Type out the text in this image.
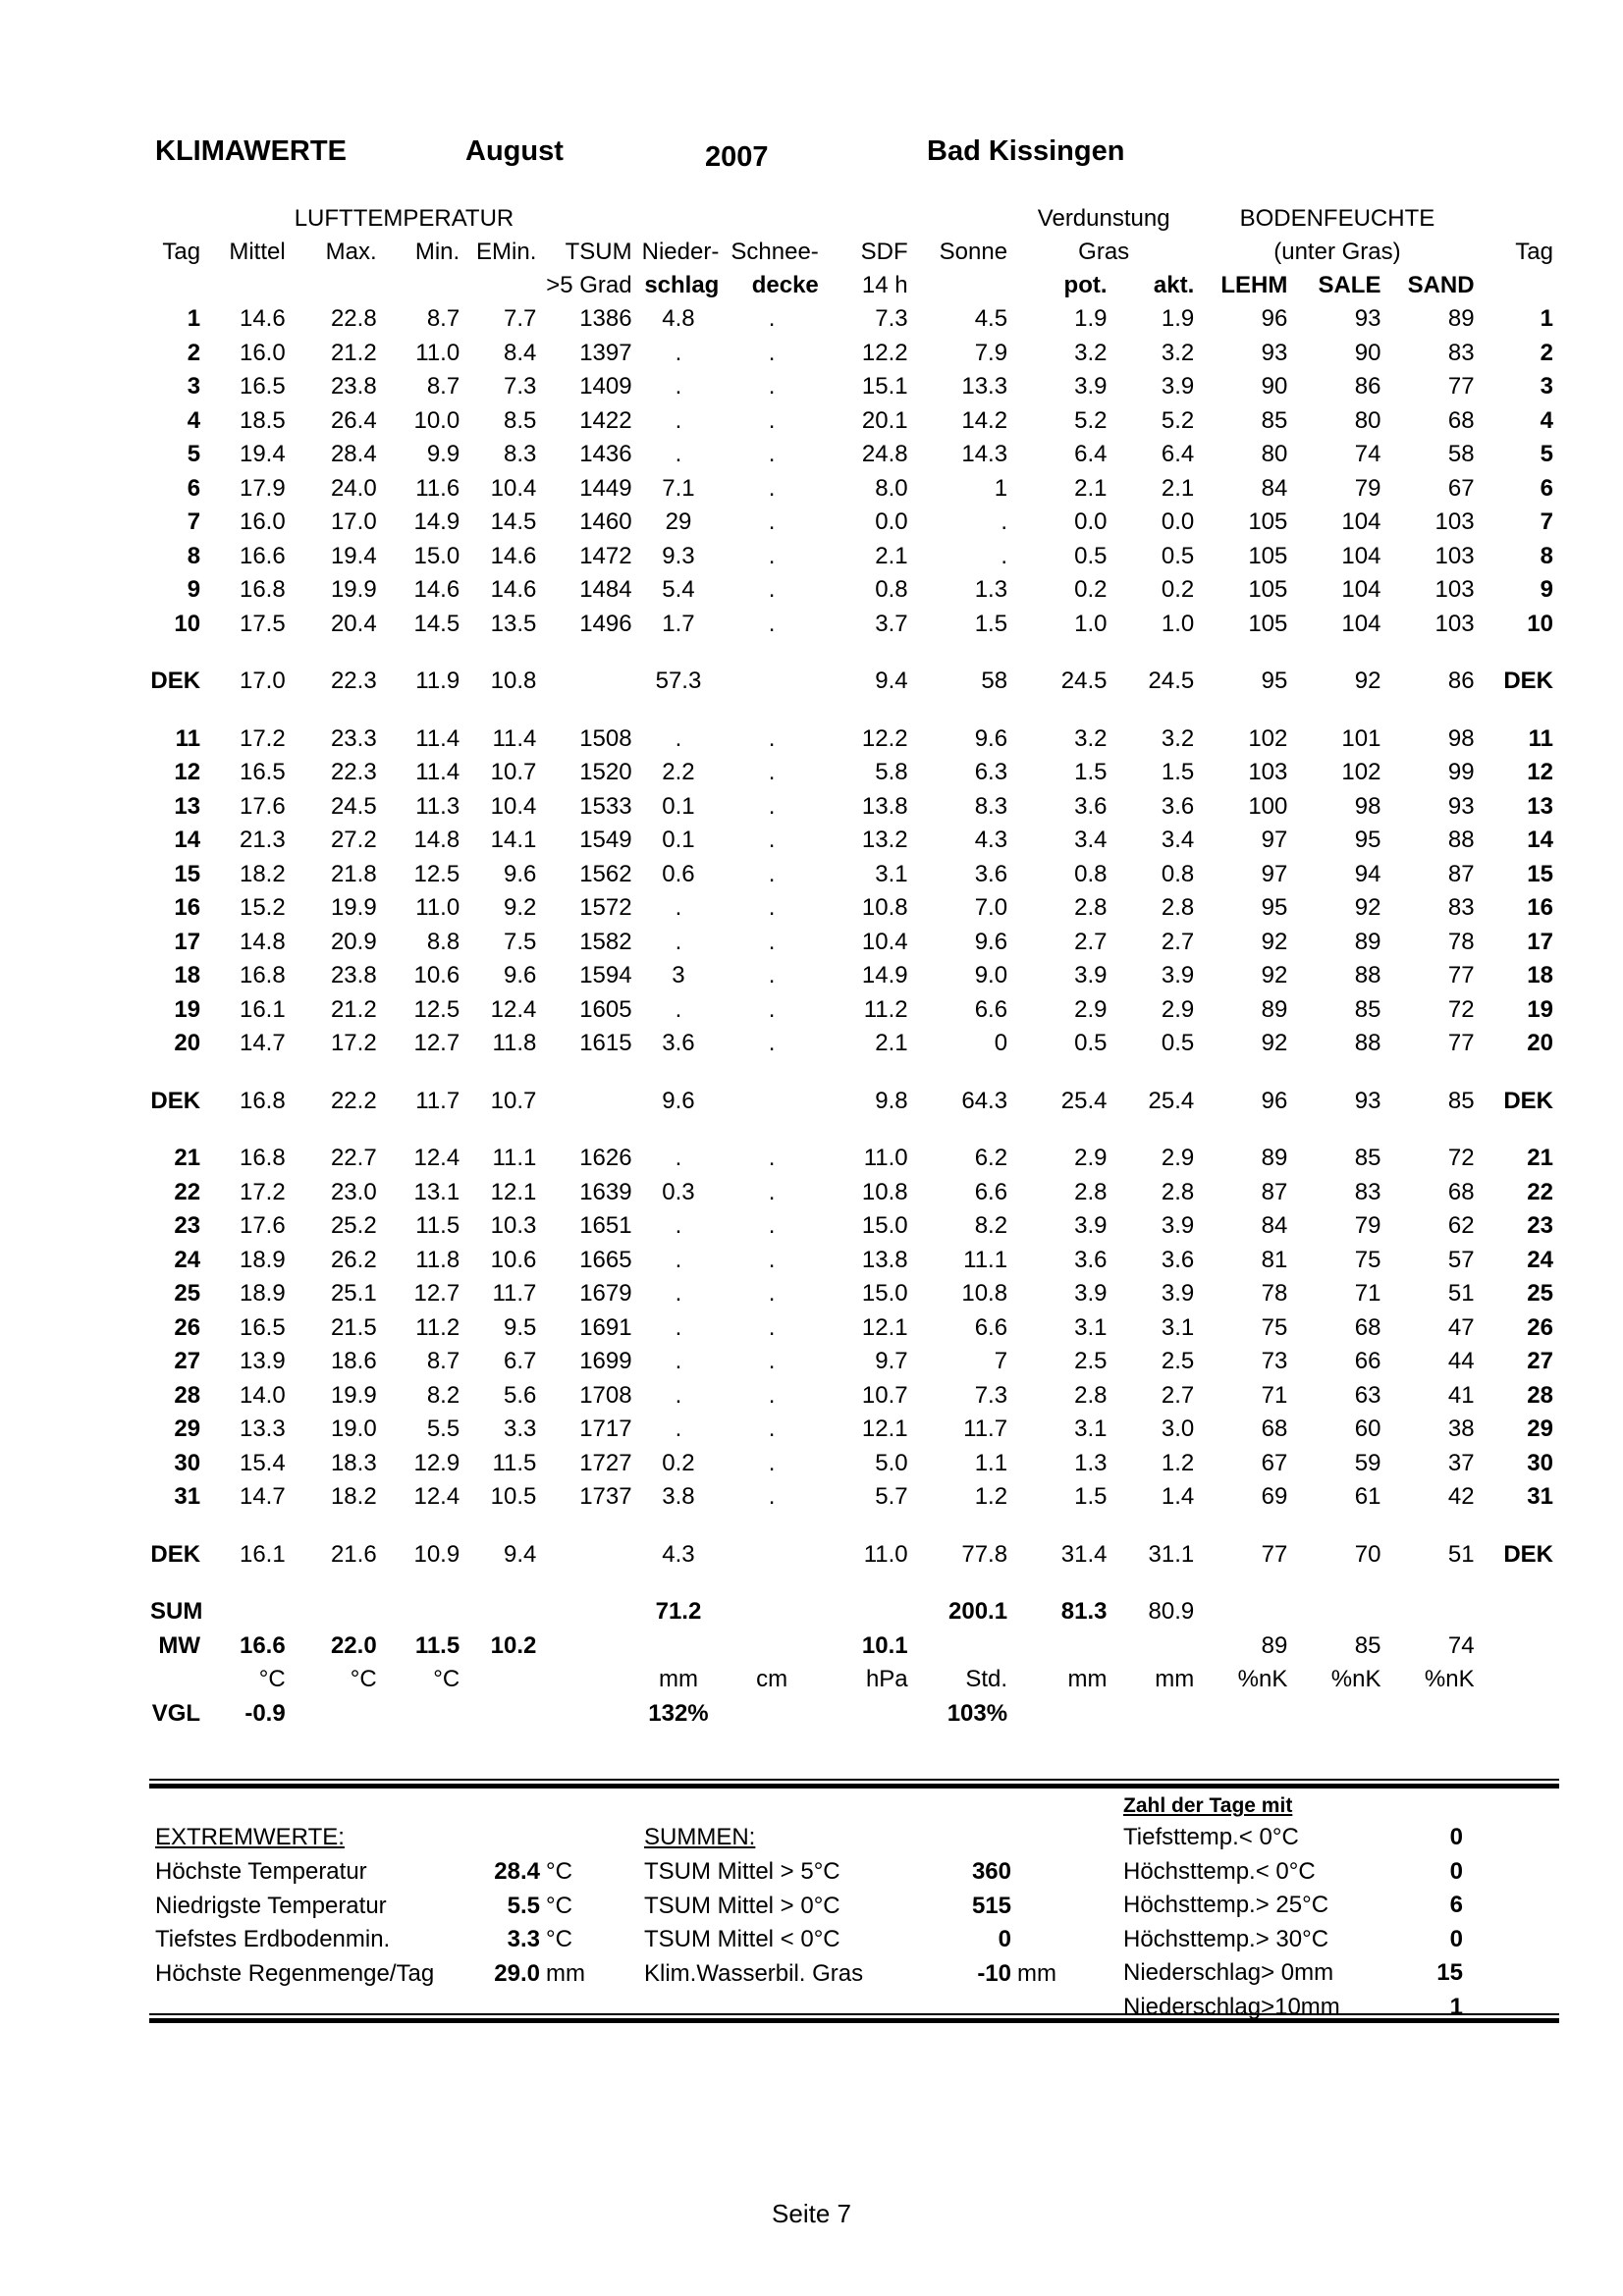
KLIMAWERTE	August	2007	Bad Kissingen
		LUFTTEMPERATUR								Verdunstung		BODENFEUCHTE			
Tag	Mittel	Max.	Min.	EMin.	TSUM	Nieder-	Schnee-	SDF	Sonne	Gras		(unter Gras)			Tag
					>5 Grad	schlag	decke	14 h		pot.	akt.	LEHM	SALE	SAND	
1	14.6	22.8	8.7	7.7	1386	4.8	.	7.3	4.5	1.9	1.9	96	93	89	1
2	16.0	21.2	11.0	8.4	1397	.	.	12.2	7.9	3.2	3.2	93	90	83	2
3	16.5	23.8	8.7	7.3	1409	.	.	15.1	13.3	3.9	3.9	90	86	77	3
4	18.5	26.4	10.0	8.5	1422	.	.	20.1	14.2	5.2	5.2	85	80	68	4
5	19.4	28.4	9.9	8.3	1436	.	.	24.8	14.3	6.4	6.4	80	74	58	5
6	17.9	24.0	11.6	10.4	1449	7.1	.	8.0	1	2.1	2.1	84	79	67	6
7	16.0	17.0	14.9	14.5	1460	29	.	0.0	.	0.0	0.0	105	104	103	7
8	16.6	19.4	15.0	14.6	1472	9.3	.	2.1	.	0.5	0.5	105	104	103	8
9	16.8	19.9	14.6	14.6	1484	5.4	.	0.8	1.3	0.2	0.2	105	104	103	9
10	17.5	20.4	14.5	13.5	1496	1.7	.	3.7	1.5	1.0	1.0	105	104	103	10

DEK	17.0	22.3	11.9	10.8		57.3		9.4	58	24.5	24.5	95	92	86	DEK

11	17.2	23.3	11.4	11.4	1508	.	.	12.2	9.6	3.2	3.2	102	101	98	11
12	16.5	22.3	11.4	10.7	1520	2.2	.	5.8	6.3	1.5	1.5	103	102	99	12
13	17.6	24.5	11.3	10.4	1533	0.1	.	13.8	8.3	3.6	3.6	100	98	93	13
14	21.3	27.2	14.8	14.1	1549	0.1	.	13.2	4.3	3.4	3.4	97	95	88	14
15	18.2	21.8	12.5	9.6	1562	0.6	.	3.1	3.6	0.8	0.8	97	94	87	15
16	15.2	19.9	11.0	9.2	1572	.	.	10.8	7.0	2.8	2.8	95	92	83	16
17	14.8	20.9	8.8	7.5	1582	.	.	10.4	9.6	2.7	2.7	92	89	78	17
18	16.8	23.8	10.6	9.6	1594	3	.	14.9	9.0	3.9	3.9	92	88	77	18
19	16.1	21.2	12.5	12.4	1605	.	.	11.2	6.6	2.9	2.9	89	85	72	19
20	14.7	17.2	12.7	11.8	1615	3.6	.	2.1	0	0.5	0.5	92	88	77	20

DEK	16.8	22.2	11.7	10.7		9.6		9.8	64.3	25.4	25.4	96	93	85	DEK

21	16.8	22.7	12.4	11.1	1626	.	.	11.0	6.2	2.9	2.9	89	85	72	21
22	17.2	23.0	13.1	12.1	1639	0.3	.	10.8	6.6	2.8	2.8	87	83	68	22
23	17.6	25.2	11.5	10.3	1651	.	.	15.0	8.2	3.9	3.9	84	79	62	23
24	18.9	26.2	11.8	10.6	1665	.	.	13.8	11.1	3.6	3.6	81	75	57	24
25	18.9	25.1	12.7	11.7	1679	.	.	15.0	10.8	3.9	3.9	78	71	51	25
26	16.5	21.5	11.2	9.5	1691	.	.	12.1	6.6	3.1	3.1	75	68	47	26
27	13.9	18.6	8.7	6.7	1699	.	.	9.7	7	2.5	2.5	73	66	44	27
28	14.0	19.9	8.2	5.6	1708	.	.	10.7	7.3	2.8	2.7	71	63	41	28
29	13.3	19.0	5.5	3.3	1717	.	.	12.1	11.7	3.1	3.0	68	60	38	29
30	15.4	18.3	12.9	11.5	1727	0.2	.	5.0	1.1	1.3	1.2	67	59	37	30
31	14.7	18.2	12.4	10.5	1737	3.8	.	5.7	1.2	1.5	1.4	69	61	42	31

DEK	16.1	21.6	10.9	9.4		4.3		11.0	77.8	31.4	31.1	77	70	51	DEK

SUM						71.2			200.1	81.3	80.9				
MW	16.6	22.0	11.5	10.2				10.1				89	85	74	
	°C	°C	°C			mm	cm	hPa	Std.	mm	mm	%nK	%nK	%nK	
VGL	-0.9					132%			103%						
EXTREMWERTE:
Höchste Temperatur	28.4 °C
Niedrigste Temperatur	5.5 °C
Tiefstes Erdbodenmin.	3.3 °C
Höchste Regenmenge/Tag	29.0 mm
SUMMEN:
TSUM Mittel > 5°C	360
TSUM Mittel > 0°C	515
TSUM Mittel < 0°C	0
Klim.Wasserbil. Gras	-10 mm
Zahl der Tage mit
Tiefsttemp.< 0°C	0
Höchsttemp.< 0°C	0
Höchsttemp.> 25°C	6
Höchsttemp.> 30°C	0
Niederschlag> 0mm	15
Niederschlag>10mm	1
Seite 7
